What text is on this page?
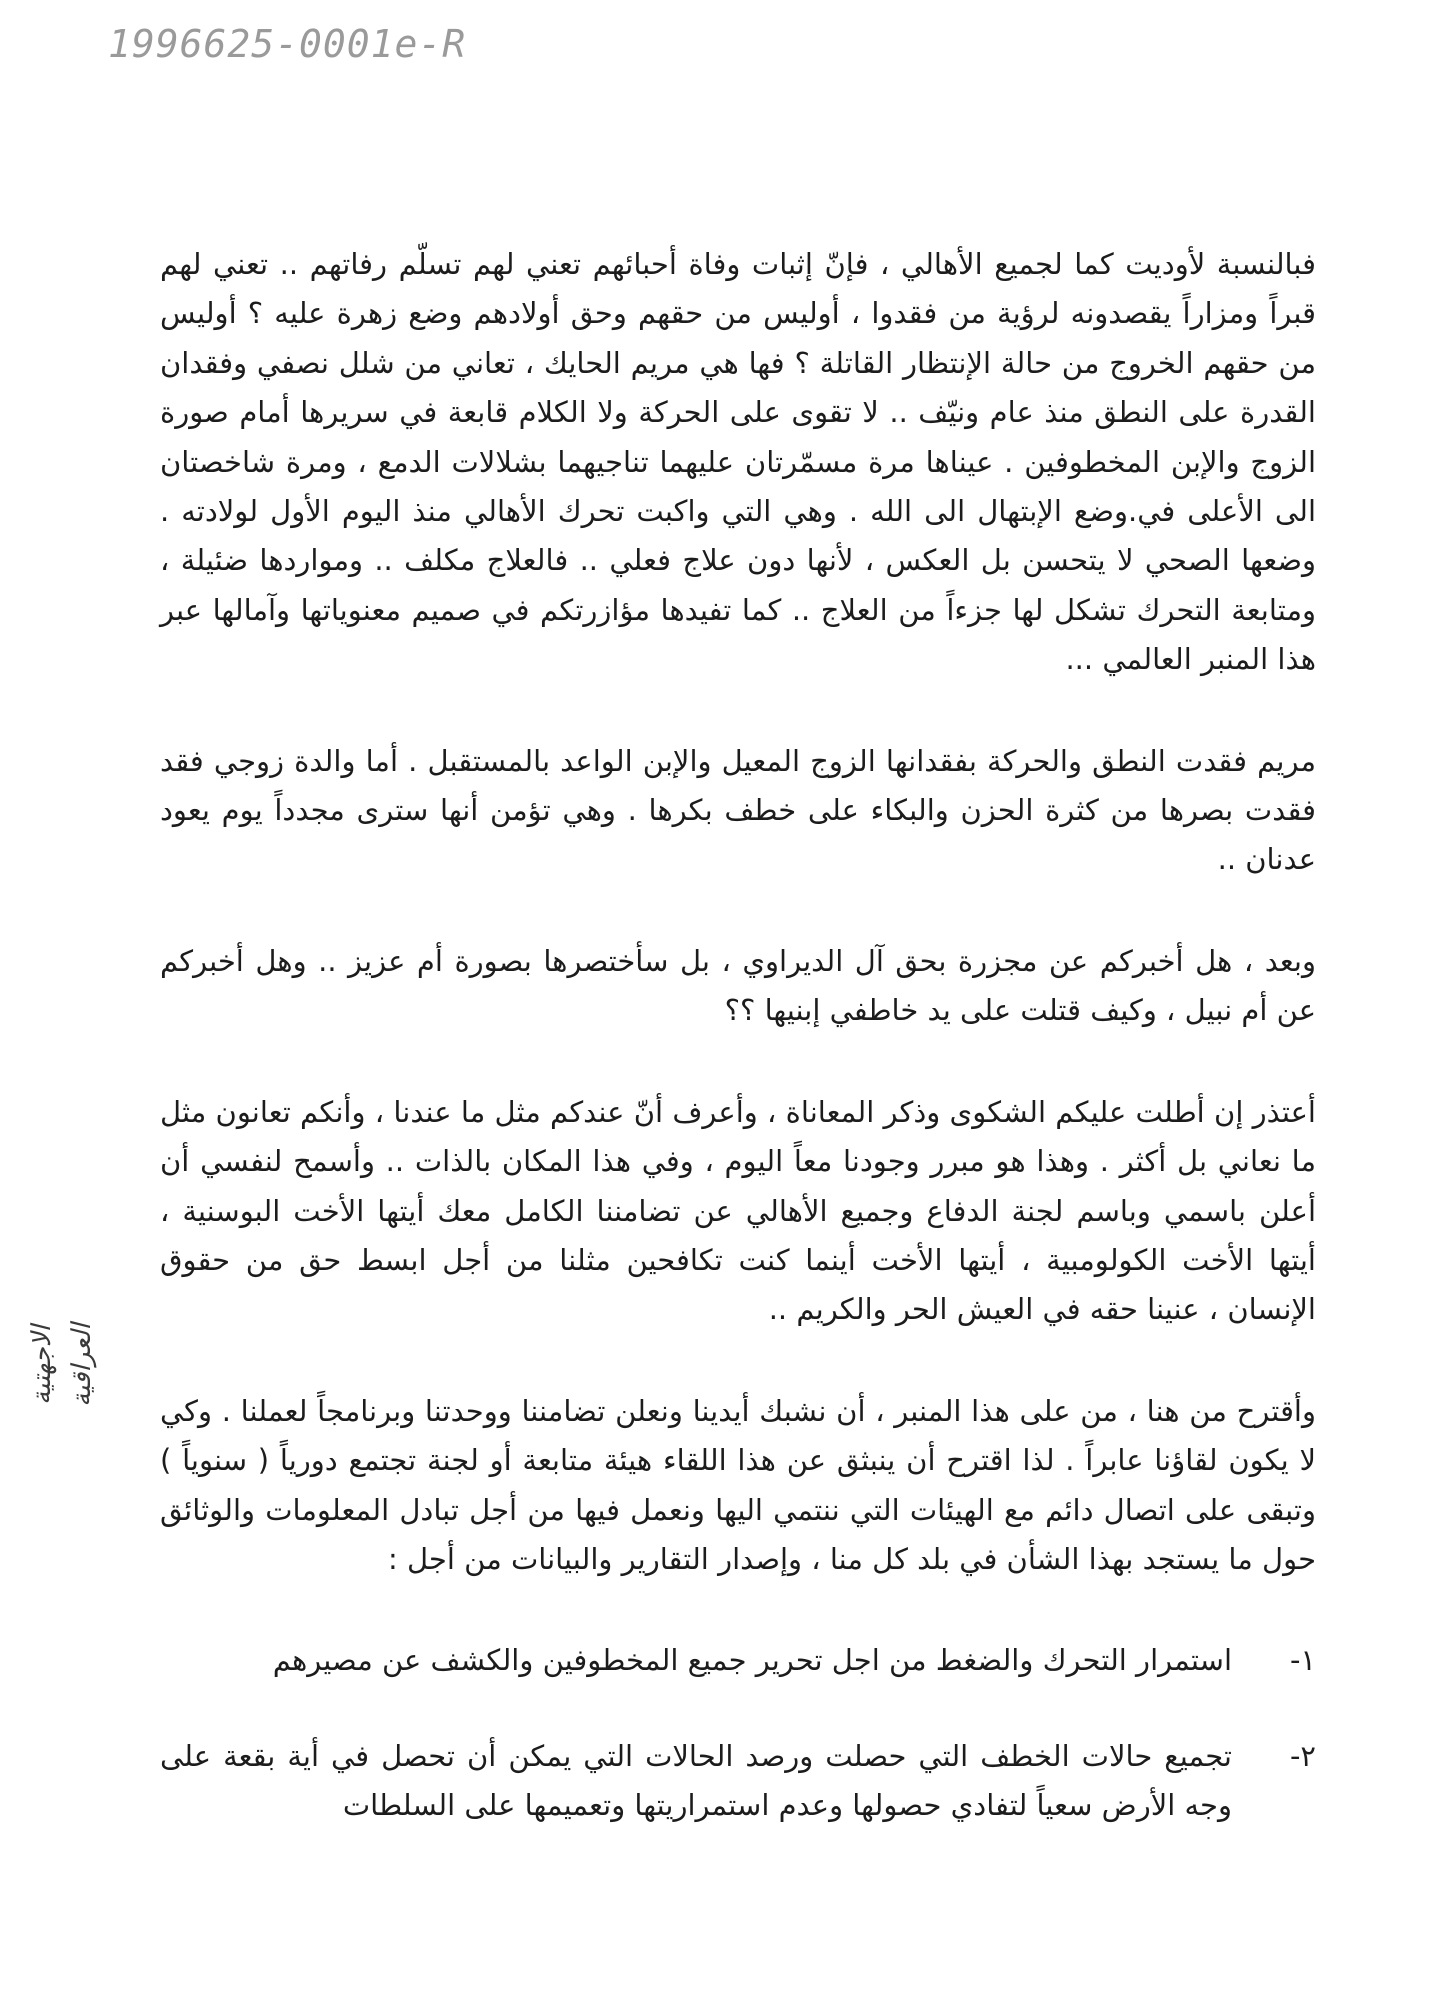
1996625-0001e-R
الاجهتية العراقية

فبالنسبة لأوديت كما لجميع الأهالي ، فإنّ إثبات وفاة أحبائهم تعني لهم تسلّم رفاتهم .. تعني لهم قبراً ومزاراً يقصدونه لرؤية من فقدوا ، أوليس من حقهم وحق أولادهم وضع زهرة عليه ؟ أوليس من حقهم الخروج من حالة الإنتظار القاتلة ؟ فها هي مريم الحايك ، تعاني من شلل نصفي وفقدان القدرة على النطق منذ عام ونيّف .. لا تقوى على الحركة ولا الكلام قابعة في سريرها أمام صورة الزوج والإبن المخطوفين . عيناها مرة مسمّرتان عليهما تناجيهما بشلالات الدمع ، ومرة شاخصتان الى الأعلى في.وضع الإبتهال الى الله . وهي التي واكبت تحرك الأهالي منذ اليوم الأول لولادته . وضعها الصحي لا يتحسن بل العكس ، لأنها دون علاج فعلي .. فالعلاج مكلف .. ومواردها ضئيلة ، ومتابعة التحرك تشكل لها جزءاً من العلاج .. كما تفيدها مؤازرتكم في صميم معنوياتها وآمالها عبر هذا المنبر العالمي ...

مريم فقدت النطق والحركة بفقدانها الزوج المعيل والإبن الواعد بالمستقبل . أما والدة زوجي فقد فقدت بصرها من كثرة الحزن والبكاء على خطف بكرها . وهي تؤمن أنها سترى مجدداً يوم يعود عدنان ..

وبعد ، هل أخبركم عن مجزرة بحق آل الديراوي ، بل سأختصرها بصورة أم عزيز .. وهل أخبركم عن أم نبيل ، وكيف قتلت على يد خاطفي إبنيها ؟؟

أعتذر إن أطلت عليكم الشكوى وذكر المعاناة ، وأعرف أنّ عندكم مثل ما عندنا ، وأنكم تعانون مثل ما نعاني بل أكثر . وهذا هو مبرر وجودنا معاً اليوم ، وفي هذا المكان بالذات .. وأسمح لنفسي أن أعلن باسمي وباسم لجنة الدفاع وجميع الأهالي عن تضامننا الكامل معك أيتها الأخت البوسنية ، أيتها الأخت الكولومبية ، أيتها الأخت أينما كنت تكافحين مثلنا من أجل ابسط حق من حقوق الإنسان ، عنينا حقه في العيش الحر والكريم ..

وأقترح من هنا ، من على هذا المنبر ، أن نشبك أيدينا ونعلن تضامننا ووحدتنا وبرنامجاً لعملنا . وكي لا يكون لقاؤنا عابراً . لذا اقترح أن ينبثق عن هذا اللقاء هيئة متابعة أو لجنة تجتمع دورياً ( سنوياً ) وتبقى على اتصال دائم مع الهيئات التي ننتمي اليها ونعمل فيها من أجل تبادل المعلومات والوثائق حول ما يستجد بهذا الشأن في بلد كل منا ، وإصدار التقارير والبيانات من أجل :

١-
استمرار التحرك والضغط من اجل تحرير جميع المخطوفين والكشف عن مصيرهم
٢-
تجميع حالات الخطف التي حصلت ورصد الحالات التي يمكن أن تحصل في أية بقعة على وجه الأرض سعياً لتفادي حصولها وعدم استمراريتها وتعميمها على السلطات
